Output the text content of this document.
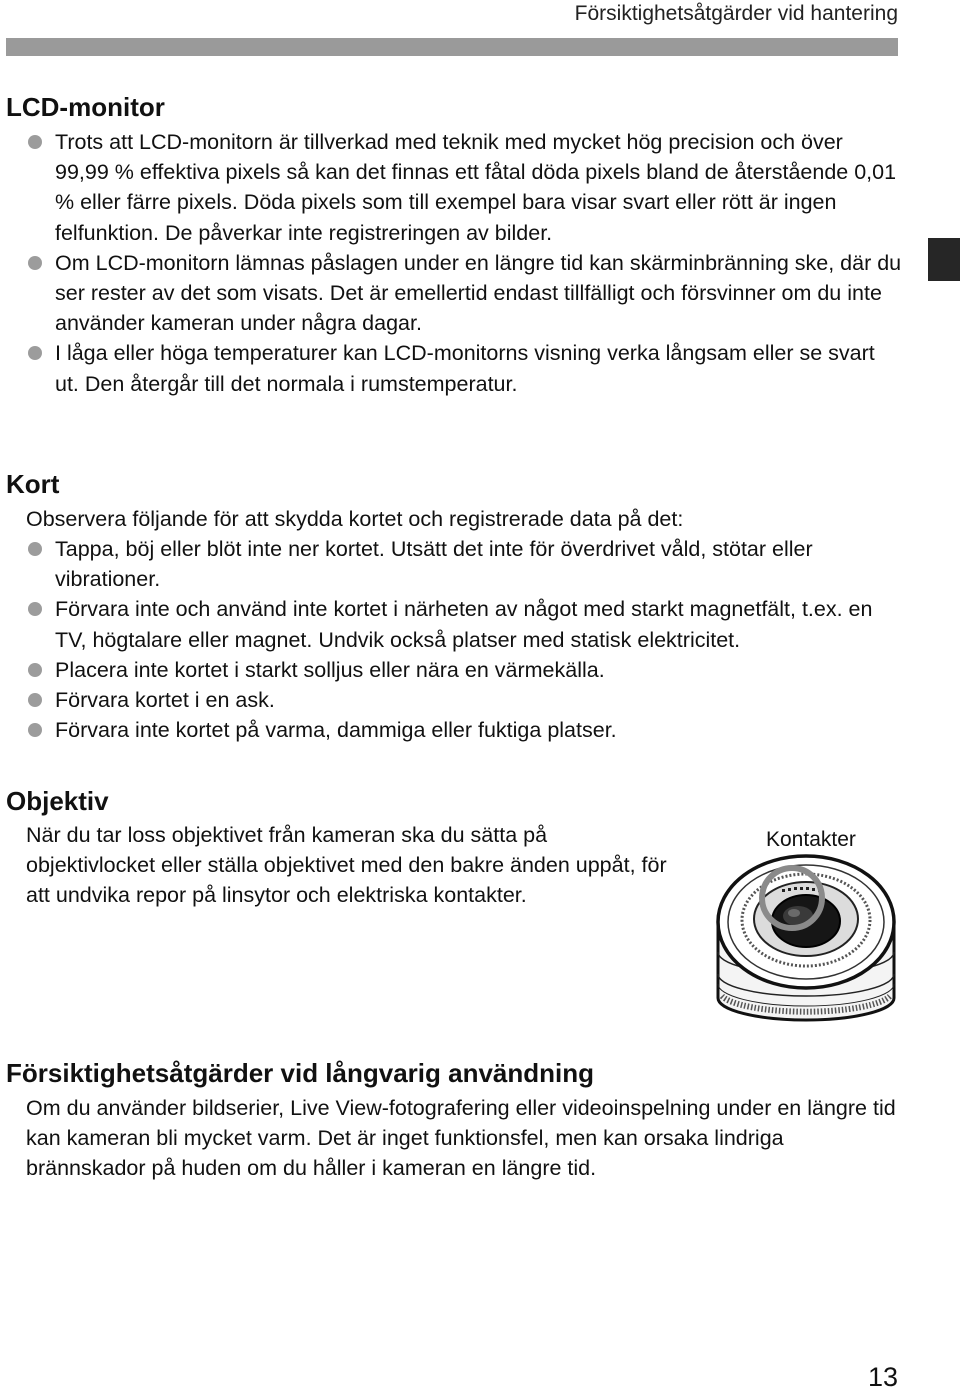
Försiktighetsåtgärder vid hantering
LCD-monitor
Trots att LCD-monitorn är tillverkad med teknik med mycket hög precision och över 99,99 % effektiva pixels så kan det finnas ett fåtal döda pixels bland de återstående 0,01 % eller färre pixels. Döda pixels som till exempel bara visar svart eller rött är ingen felfunktion. De påverkar inte registreringen av bilder.
Om LCD-monitorn lämnas påslagen under en längre tid kan skärminbränning ske, där du ser rester av det som visats. Det är emellertid endast tillfälligt och försvinner om du inte använder kameran under några dagar.
I låga eller höga temperaturer kan LCD-monitorns visning verka långsam eller se svart ut. Den återgår till det normala i rumstemperatur.
Kort

Observera följande för att skydda kortet och registrerade data på det:

Tappa, böj eller blöt inte ner kortet. Utsätt det inte för överdrivet våld, stötar eller vibrationer.
Förvara inte och använd inte kortet i närheten av något med starkt magnetfält, t.ex. en TV, högtalare eller magnet. Undvik också platser med statisk elektricitet.
Placera inte kortet i starkt solljus eller nära en värmekälla.
Förvara kortet i en ask.
Förvara inte kortet på varma, dammiga eller fuktiga platser.
Objektiv

När du tar loss objektivet från kameran ska du sätta på objektivlocket eller ställa objektivet med den bakre änden uppåt, för att undvika repor på linsytor och elektriska kontakter.

Kontakter
Försiktighetsåtgärder vid långvarig användning

Om du använder bildserier, Live View-fotografering eller videoinspelning under en längre tid kan kameran bli mycket varm. Det är inget funktionsfel, men kan orsaka lindriga brännskador på huden om du håller i kameran en längre tid.

13
